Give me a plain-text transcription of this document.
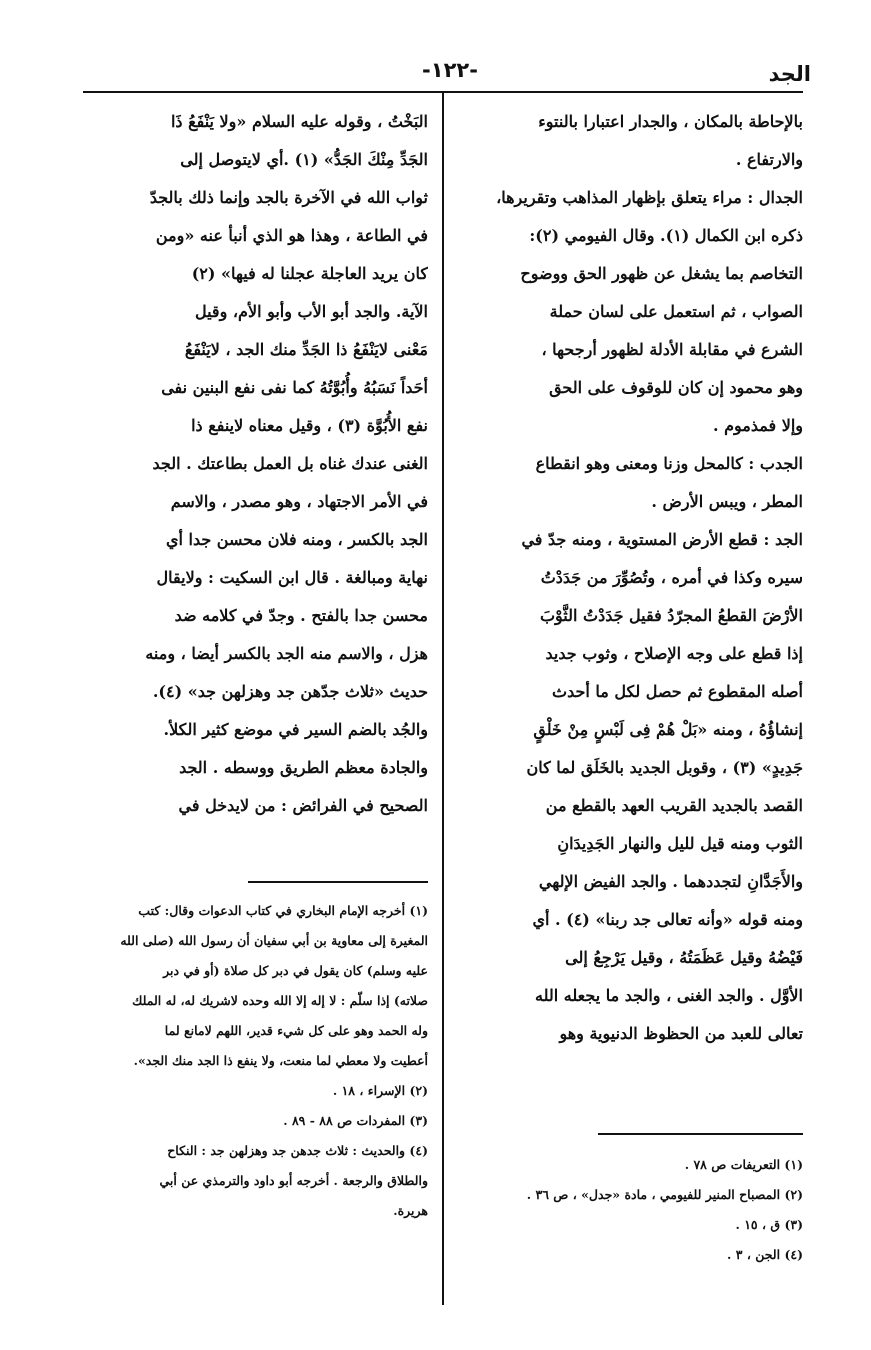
الجد
-١٢٢-
بالإحاطة بالمكان ، والجدار اعتبارا بالنتوء
والارتفاع .
الجدال : مراء يتعلق بإظهار المذاهب وتقريرها،
ذكره ابن الكمال (١). وقال الفيومي (٢):
التخاصم بما يشغل عن ظهور الحق ووضوح
الصواب ، ثم استعمل على لسان حملة
الشرع في مقابلة الأدلة لظهور أرجحها ،
وهو محمود إن كان للوقوف على الحق
وإلا فمذموم .
الجدب : كالمحل وزنا ومعنى وهو انقطاع
المطر ، ويبس الأرض .
الجد : قطع الأرض المستوية ، ومنه جدّ في
سيره وكذا في أمره ، وتُصُوِّرَ من جَدَدْتُ
الأرْضَ القطعُ المجرّدُ فقيل جَدَدْتُ الثَّوْبَ
إذا قطع على وجه الإصلاح ، وثوب جديد
أصله المقطوع ثم حصل لكل ما أحدث
إنشاؤُهُ ، ومنه «بَلْ هُمْ فِى لَبْسٍ مِنْ خَلْقٍ
جَدِيدٍ» (٣) ، وقوبل الجديد بالخَلَق لما كان
القصد بالجديد القريب العهد بالقطع من
الثوب ومنه قيل لليل والنهار الجَدِيدَانِ
والأَجَدَّانِ لتجددهما . والجد الفيض الإلهي
ومنه قوله «وأنه تعالى جد ربنا» (٤) . أي
فَيْضُهُ وقيل عَظَمَتُهُ ، وقيل يَرْجِعُ إلى
الأوَّل . والجد الغنى ، والجد ما يجعله الله
تعالى للعبد من الحظوظ الدنيوية وهو
البَخْتُ ، وقوله عليه السلام «ولا يَنْفَعُ ذَا
الجَدِّ مِنْكَ الجَدُّ» (١) .أي لايتوصل إلى
ثواب الله في الآخرة بالجد وإنما ذلك بالجدّ
في الطاعة ، وهذا هو الذي أنبأ عنه «ومن
كان يريد العاجلة عجلنا له فيها» (٢)
الآية. والجد أبو الأب وأبو الأم، وقيل
مَعْنى لايَنْفَعُ ذا الجَدِّ منك الجد ، لايَنْفَعُ
أحَداً نَسَبُهُ وأُبُوَّتُهُ كما نفى نفع البنين نفى
نفع الأُبُوَّة (٣) ، وقيل معناه لاينفع ذا
الغنى عندك غناه بل العمل بطاعتك . الجد
في الأمر الاجتهاد ، وهو مصدر ، والاسم
الجد بالكسر ، ومنه فلان محسن جدا أي
نهاية ومبالغة . قال ابن السكيت : ولايقال
محسن جدا بالفتح . وجدّ في كلامه ضد
هزل ، والاسم منه الجد بالكسر أيضا ، ومنه
حديث «ثلاث جدّهن جد وهزلهن جد» (٤).
والجُد بالضم السير في موضع كثير الكلأ.
والجادة معظم الطريق ووسطه . الجد
الصحيح في الفرائض : من لايدخل في
(١) أخرجه الإمام البخاري في كتاب الدعوات وقال: كتب
المغيرة إلى معاوية بن أبي سفيان أن رسول الله (صلى الله
عليه وسلم) كان يقول في دبر كل صلاة (أو في دبر
صلاته) إذا سلّم : لا إله إلا الله وحده لاشريك له، له الملك
وله الحمد وهو على كل شيء قدير، اللهم لامانع لما
أعطيت ولا معطي لما منعت، ولا ينفع ذا الجد منك الجد».
(٢) الإسراء ، ١٨ .
(٣) المفردات ص ٨٨ - ٨٩ .
(٤) والحديث : ثلاث جدهن جد وهزلهن جد : النكاح
والطلاق والرجعة . أخرجه أبو داود والترمذي عن أبي
هريرة.
(١) التعريفات ص ٧٨ .
(٢) المصباح المنير للفيومي ، مادة «جدل» ، ص ٣٦ .
(٣) ق ، ١٥ .
(٤) الجن ، ٣ .
